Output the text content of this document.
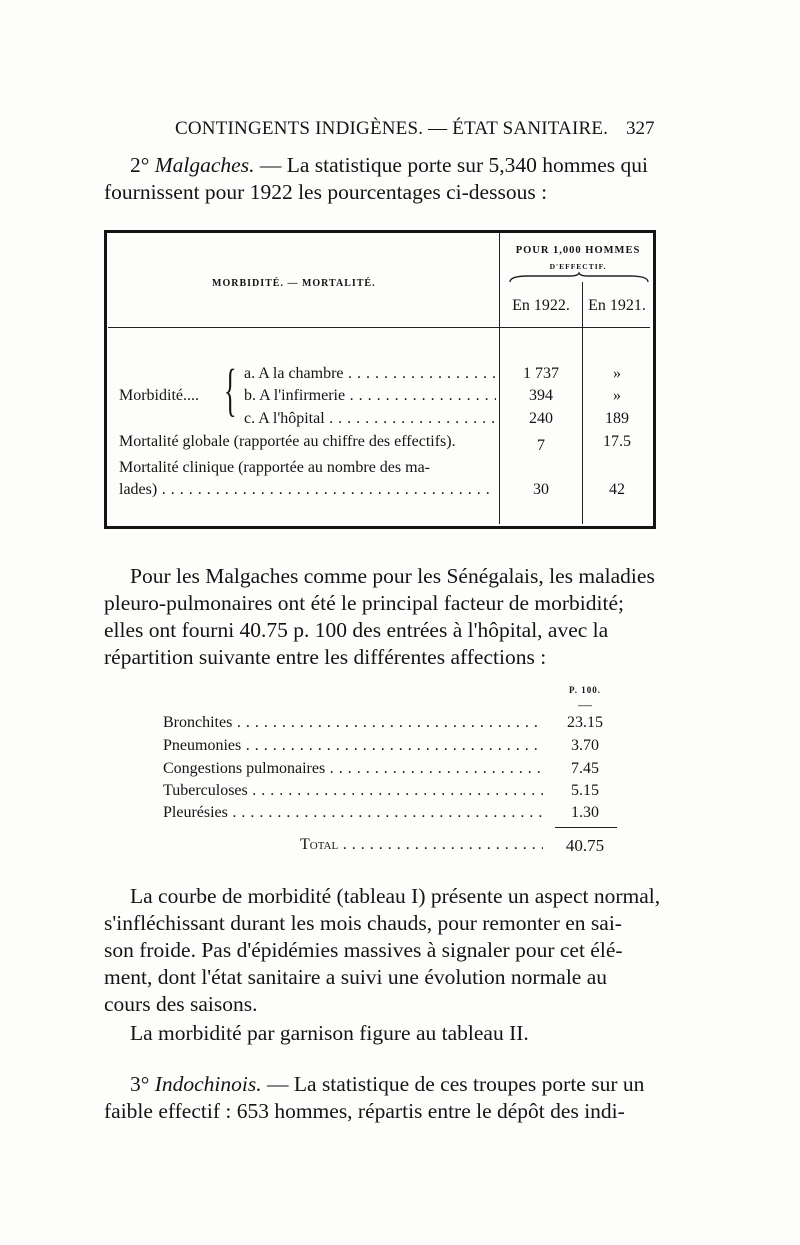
CONTINGENTS INDIGÈNES. — ÉTAT SANITAIRE. 327

2° Malgaches. — La statistique porte sur 5,340 hommes qui

fournissent pour 1922 les pourcentages ci-dessous :

MORBIDITÉ. — MORTALITÉ.
POUR 1,000 HOMMES
D'EFFECTIF.
En 1922.	En 1921.
Morbidité.... { a. A la chambre . . .	1 737	»
b. A l'infirmerie . . .	394	»
c. A l'hôpital . . .	240	189
Mortalité globale (rapportée au chiffre des effectifs).	7	17.5
Mortalité clinique (rapportée au nombre des ma-
lades) . . .	30	42

Pour les Malgaches comme pour les Sénégalais, les maladies

pleuro-pulmonaires ont été le principal facteur de morbidité;

elles ont fourni 40.75 p. 100 des entrées à l'hôpital, avec la

répartition suivante entre les différentes affections :

P. 100.
—
Bronchites . . .	23.15
Pneumonies . . .	3.70
Congestions pulmonaires . . .	7.45
Tuberculoses . . .	5.15
Pleurésies . . .	1.30
Total . . .	40.75

La courbe de morbidité (tableau I) présente un aspect normal,

s'infléchissant durant les mois chauds, pour remonter en sai-

son froide. Pas d'épidémies massives à signaler pour cet élé-

ment, dont l'état sanitaire a suivi une évolution normale au

cours des saisons.

La morbidité par garnison figure au tableau II.

3° Indochinois. — La statistique de ces troupes porte sur un

faible effectif : 653 hommes, répartis entre le dépôt des indi-
